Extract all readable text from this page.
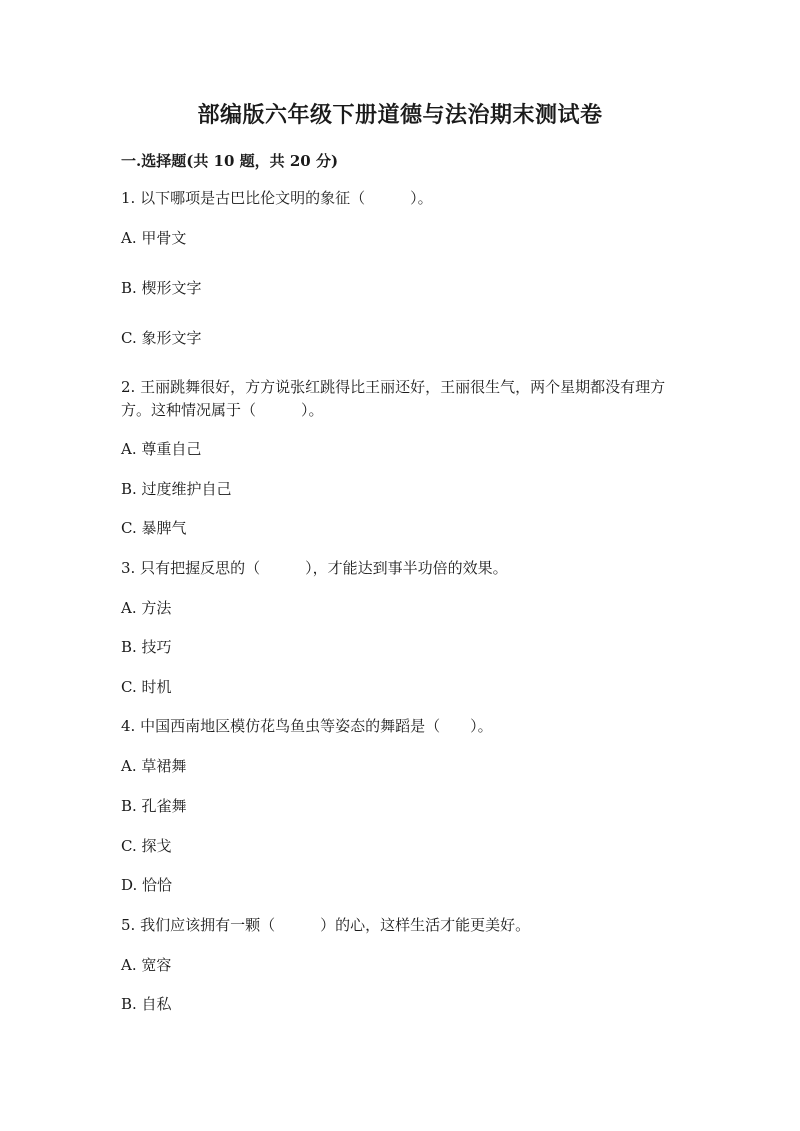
部编版六年级下册道德与法治期末测试卷
一.选择题(共 10 题，共 20 分)
1. 以下哪项是古巴比伦文明的象征（　　　）。
A. 甲骨文
B. 楔形文字
C. 象形文字
2. 王丽跳舞很好，方方说张红跳得比王丽还好，王丽很生气，两个星期都没有理方方。这种情况属于（　　　）。
A. 尊重自己
B. 过度维护自己
C. 暴脾气
3. 只有把握反思的（　　　），才能达到事半功倍的效果。
A. 方法
B. 技巧
C. 时机
4. 中国西南地区模仿花鸟鱼虫等姿态的舞蹈是（　　）。
A. 草裙舞
B. 孔雀舞
C. 探戈
D. 恰恰
5. 我们应该拥有一颗（　　　）的心，这样生活才能更美好。
A. 宽容
B. 自私
